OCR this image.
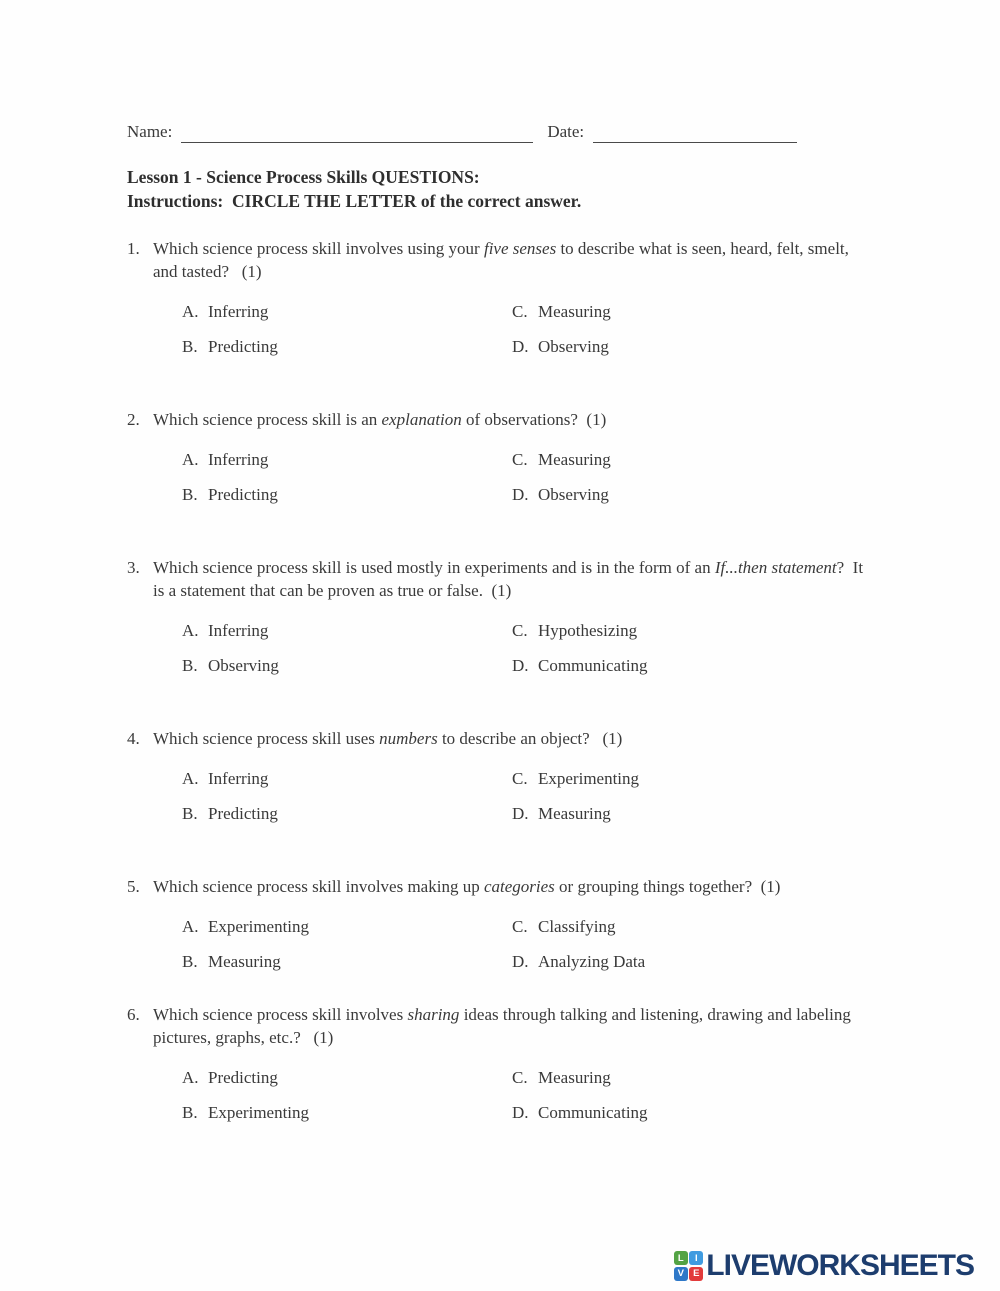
Name:	Date:
Lesson 1 - Science Process Skills QUESTIONS:
Instructions:  CIRCLE THE LETTER of the correct answer.
1. Which science process skill involves using your five senses to describe what is seen, heard, felt, smelt, and tasted?   (1)

A. Inferring	C. Measuring
B. Predicting	D. Observing
2. Which science process skill is an explanation of observations?  (1)

A. Inferring	C. Measuring
B. Predicting	D. Observing
3. Which science process skill is used mostly in experiments and is in the form of an If...then statement?  It is a statement that can be proven as true or false.  (1)

A. Inferring	C. Hypothesizing
B. Observing	D. Communicating
4. Which science process skill uses numbers to describe an object?   (1)

A. Inferring	C. Experimenting
B. Predicting	D. Measuring
5. Which science process skill involves making up categories or grouping things together?  (1)

A. Experimenting	C. Classifying
B. Measuring	D. Analyzing Data
6. Which science process skill involves sharing ideas through talking and listening, drawing and labeling pictures, graphs, etc.?   (1)

A. Predicting	C. Measuring
B. Experimenting	D. Communicating
L	I
V E LIVEWORKSHEETS
